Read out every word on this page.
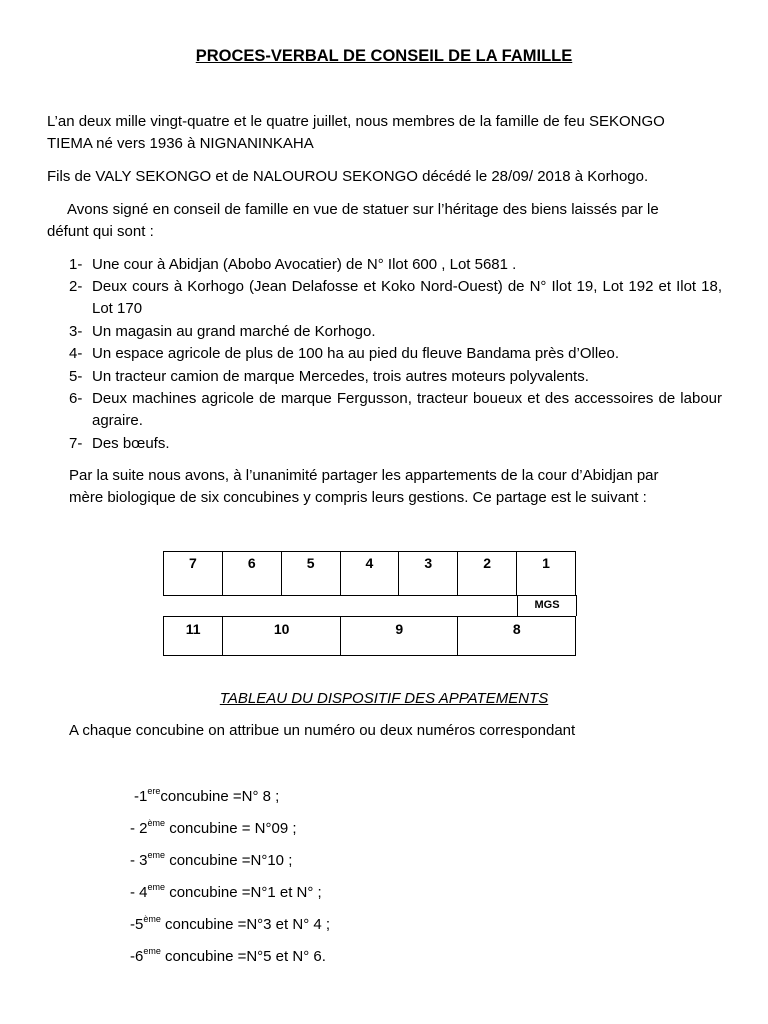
PROCES-VERBAL DE CONSEIL DE LA FAMILLE
L’an deux mille vingt-quatre et le quatre juillet, nous membres de la famille de feu SEKONGO
TIEMA né vers 1936 à NIGNANINKAHA
Fils de VALY SEKONGO et de NALOUROU SEKONGO décédé le 28/09/ 2018 à Korhogo.
Avons signé en conseil de famille en vue de statuer sur l’héritage des biens laissés par le
défunt qui sont :
1- Une cour à Abidjan (Abobo Avocatier) de N° Ilot 600 , Lot 5681 .
2- Deux cours à Korhogo (Jean Delafosse et Koko Nord-Ouest) de N° Ilot 19, Lot 192 et Ilot 18, Lot 170
3- Un magasin au grand marché de Korhogo.
4- Un espace agricole de plus de 100 ha au pied du fleuve Bandama près d’Olleo.
5- Un tracteur camion de marque Mercedes, trois autres moteurs polyvalents.
6- Deux machines agricole de marque Fergusson, tracteur boueux et des accessoires de labour agraire.
7- Des bœufs.
Par la suite nous avons, à l’unanimité partager les appartements de la cour d’Abidjan par
mère biologique de six concubines y compris leurs gestions. Ce partage est le suivant :
7	6	5	4	3	2	1
MGS
11	10	9	8
TABLEAU DU DISPOSITIF DES APPATEMENTS
A chaque concubine on attribue un numéro ou deux numéros correspondant
-1ereconcubine =N° 8 ;
- 2ème concubine = N°09 ;
- 3eme concubine =N°10 ;
- 4eme concubine =N°1 et N° ;
-5ème concubine =N°3 et N° 4 ;
-6eme concubine =N°5 et N° 6.
